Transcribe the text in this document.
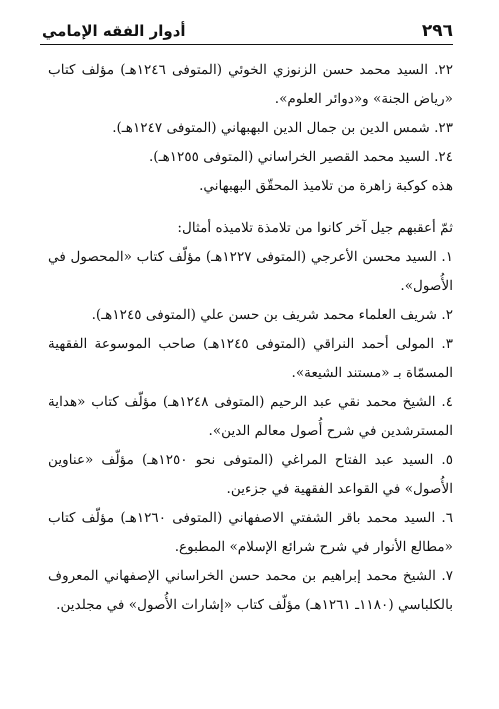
أدوار الفقه الإمامي	٢٩٦

٢٢. السيد محمد حسن الزنوزي الخوئي (المتوفى ١٢٤٦هـ) مؤلف كتاب «رياض الجنة» و«دوائر العلوم».

٢٣. شمس الدين بن جمال الدين البهبهاني (المتوفى ١٢٤٧هـ).

٢٤. السيد محمد القصير الخراساني (المتوفى ١٢٥٥هـ).

هذه كوكبة زاهرة من تلاميذ المحقّق البهبهاني.

ثمّ أعقبهم جيل آخر كانوا من تلامذة تلاميذه أمثال:

١. السيد محسن الأعرجي (المتوفى ١٢٢٧هـ) مؤلّف كتاب «المحصول في الأُصول».

٢. شريف العلماء محمد شريف بن حسن علي (المتوفى ١٢٤٥هـ).

٣. المولى أحمد النراقي (المتوفى ١٢٤٥هـ) صاحب الموسوعة الفقهية المسمّاة بـ «مستند الشيعة».

٤. الشيخ محمد نقي عبد الرحيم (المتوفى ١٢٤٨هـ) مؤلّف كتاب «هداية المسترشدين في شرح أُصول معالم الدين».

٥. السيد عبد الفتاح المراغي (المتوفى نحو ١٢٥٠هـ) مؤلّف «عناوين الأُصول» في القواعد الفقهية في جزءين.

٦. السيد محمد باقر الشفتي الاصفهاني (المتوفى ١٢٦٠هـ) مؤلّف كتاب «مطالع الأنوار في شرح شرائع الإسلام» المطبوع.

٧. الشيخ محمد إبراهيم بن محمد حسن الخراساني الإصفهاني المعروف بالكلباسي (١١٨٠ـ ١٢٦١هـ) مؤلّف كتاب «إشارات الأُصول» في مجلدين.
